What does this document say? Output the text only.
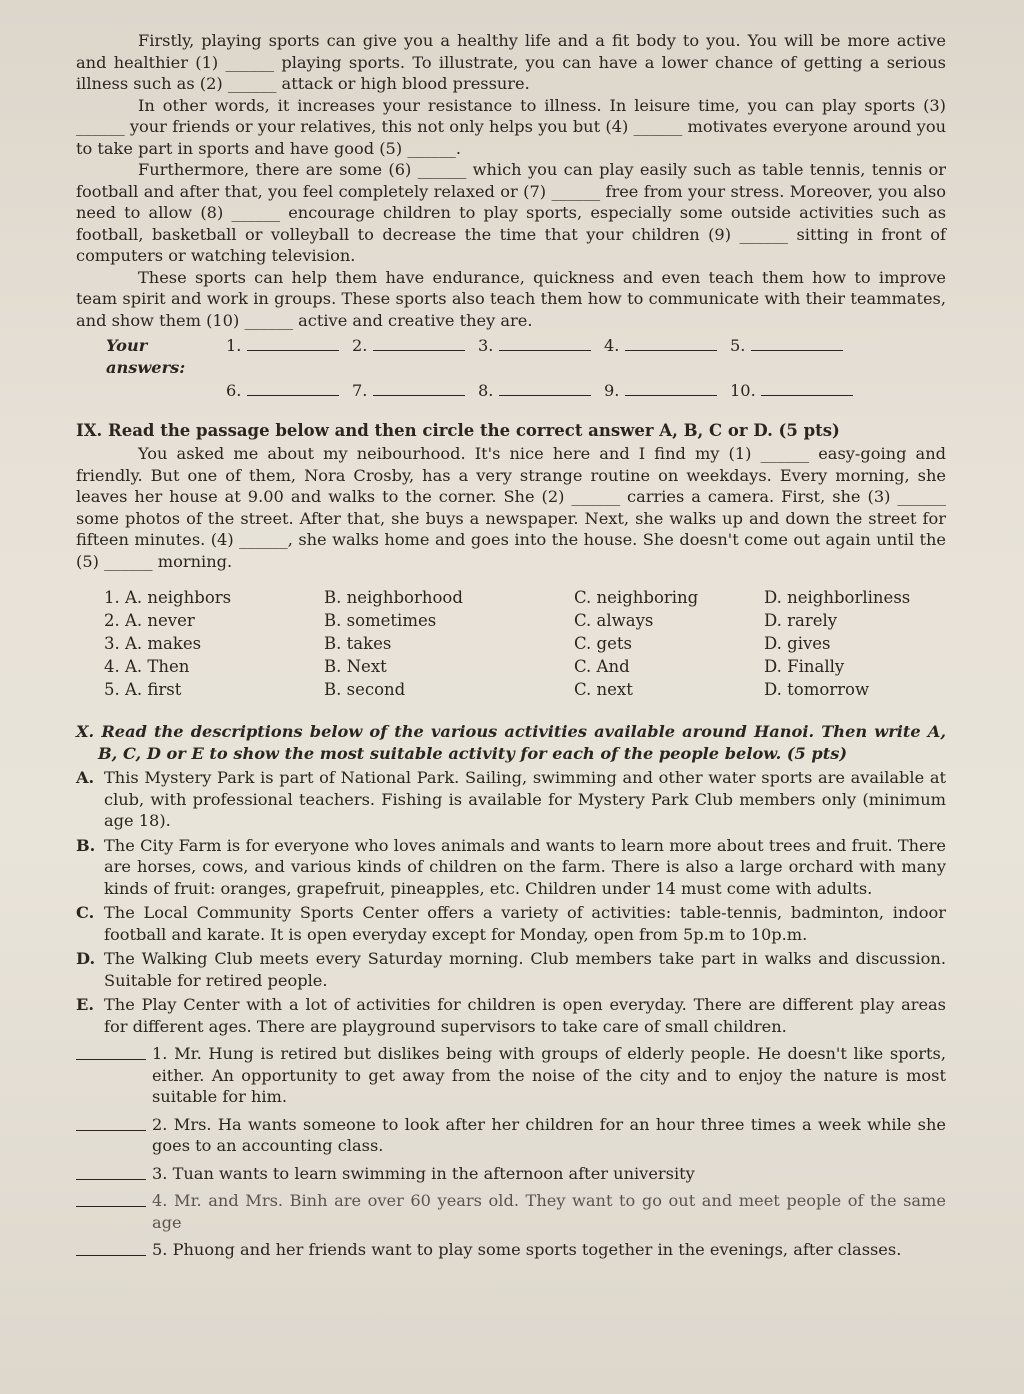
Firstly, playing sports can give you a healthy life and a fit body to you. You will be more active and healthier (1) ______ playing sports. To illustrate, you can have a lower chance of getting a serious illness such as (2) ______ attack or high blood pressure.

In other words, it increases your resistance to illness. In leisure time, you can play sports (3) ______ your friends or your relatives, this not only helps you but (4) ______ motivates everyone around you to take part in sports and have good (5) ______.

Furthermore, there are some (6) ______ which you can play easily such as table tennis, tennis or football and after that, you feel completely relaxed or (7) ______ free from your stress. Moreover, you also need to allow (8) ______ encourage children to play sports, especially some outside activities such as football, basketball or volleyball to decrease the time that your children (9) ______ sitting in front of computers or watching television.

These sports can help them have endurance, quickness and even teach them how to improve team spirit and work in groups. These sports also teach them how to communicate with their teammates, and show them (10) ______ active and creative they are.

Your answers:
1.	2.	3.	4.	5.
6.	7.	8.	9.	10.
IX. Read the passage below and then circle the correct answer A, B, C or D. (5 pts)

You asked me about my neibourhood. It's nice here and I find my (1) ______ easy-going and friendly. But one of them, Nora Crosby, has a very strange routine on weekdays. Every morning, she leaves her house at 9.00 and walks to the corner. She (2) ______ carries a camera. First, she (3) ______ some photos of the street. After that, she buys a newspaper. Next, she walks up and down the street for fifteen minutes. (4) ______, she walks home and goes into the house. She doesn't come out again until the (5) ______ morning.

1. A. neighbors	B. neighborhood	C. neighboring	D. neighborliness
2. A. never	B. sometimes	C. always	D. rarely
3. A. makes	B. takes	C. gets	D. gives
4. A. Then	B. Next	C. And	D. Finally
5. A. first	B. second	C. next	D. tomorrow

X. Read the descriptions below of the various activities available around Hanoi. Then write A, B, C, D or E to show the most suitable activity for each of the people below. (5 pts)

A. This Mystery Park is part of National Park. Sailing, swimming and other water sports are available at club, with professional teachers. Fishing is available for Mystery Park Club members only (minimum age 18).

B. The City Farm is for everyone who loves animals and wants to learn more about trees and fruit. There are horses, cows, and various kinds of children on the farm. There is also a large orchard with many kinds of fruit: oranges, grapefruit, pineapples, etc. Children under 14 must come with adults.

C. The Local Community Sports Center offers a variety of activities: table-tennis, badminton, indoor football and karate. It is open everyday except for Monday, open from 5p.m to 10p.m.

D. The Walking Club meets every Saturday morning. Club members take part in walks and discussion. Suitable for retired people.

E. The Play Center with a lot of activities for children is open everyday. There are different play areas for different ages. There are playground supervisors to take care of small children.

1. Mr. Hung is retired but dislikes being with groups of elderly people. He doesn't like sports, either. An opportunity to get away from the noise of the city and to enjoy the nature is most suitable for him.

2. Mrs. Ha wants someone to look after her children for an hour three times a week while she goes to an accounting class.

3. Tuan wants to learn swimming in the afternoon after university

4. Mr. and Mrs. Binh are over 60 years old. They want to go out and meet people of the same age

5. Phuong and her friends want to play some sports together in the evenings, after classes.
